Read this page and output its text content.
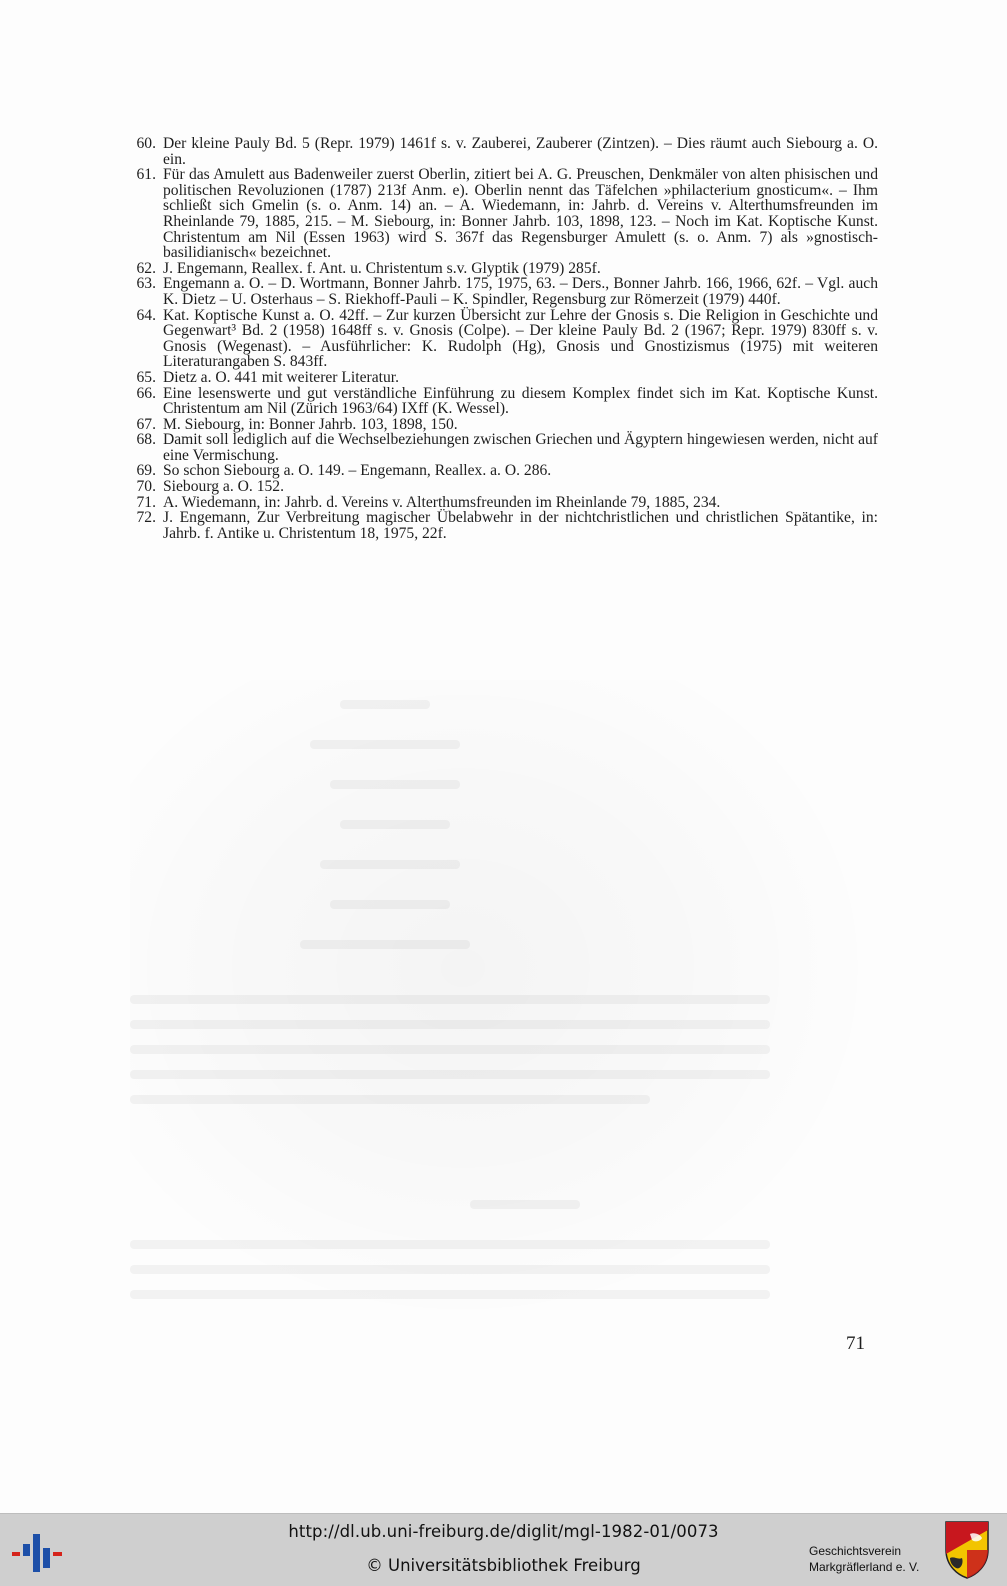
60. Der kleine Pauly Bd. 5 (Repr. 1979) 1461f s. v. Zauberei, Zauberer (Zintzen). – Dies räumt auch Siebourg a. O. ein.
61. Für das Amulett aus Badenweiler zuerst Oberlin, zitiert bei A. G. Preuschen, Denkmäler von alten phisischen und politischen Revoluzionen (1787) 213f Anm. e). Oberlin nennt das Täfelchen »philacterium gnosticum«. – Ihm schließt sich Gmelin (s. o. Anm. 14) an. – A. Wiedemann, in: Jahrb. d. Vereins v. Alterthumsfreunden im Rheinlande 79, 1885, 215. – M. Siebourg, in: Bonner Jahrb. 103, 1898, 123. – Noch im Kat. Koptische Kunst. Christentum am Nil (Essen 1963) wird S. 367f das Regensburger Amulett (s. o. Anm. 7) als »gnostisch-basilidianisch« bezeichnet.
62. J. Engemann, Reallex. f. Ant. u. Christentum s.v. Glyptik (1979) 285f.
63. Engemann a. O. – D. Wortmann, Bonner Jahrb. 175, 1975, 63. – Ders., Bonner Jahrb. 166, 1966, 62f. – Vgl. auch K. Dietz – U. Osterhaus – S. Riekhoff-Pauli – K. Spindler, Regensburg zur Römerzeit (1979) 440f.
64. Kat. Koptische Kunst a. O. 42ff. – Zur kurzen Übersicht zur Lehre der Gnosis s. Die Religion in Geschichte und Gegenwart³ Bd. 2 (1958) 1648ff s. v. Gnosis (Colpe). – Der kleine Pauly Bd. 2 (1967; Repr. 1979) 830ff s. v. Gnosis (Wegenast). – Ausführlicher: K. Rudolph (Hg), Gnosis und Gnostizismus (1975) mit weiteren Literaturangaben S. 843ff.
65. Dietz a. O. 441 mit weiterer Literatur.
66. Eine lesenswerte und gut verständliche Einführung zu diesem Komplex findet sich im Kat. Koptische Kunst. Christentum am Nil (Zürich 1963/64) IXff (K. Wessel).
67. M. Siebourg, in: Bonner Jahrb. 103, 1898, 150.
68. Damit soll lediglich auf die Wechselbeziehungen zwischen Griechen und Ägyptern hingewiesen werden, nicht auf eine Vermischung.
69. So schon Siebourg a. O. 149. – Engemann, Reallex. a. O. 286.
70. Siebourg a. O. 152.
71. A. Wiedemann, in: Jahrb. d. Vereins v. Alterthumsfreunden im Rheinlande 79, 1885, 234.
72. J. Engemann, Zur Verbreitung magischer Übelabwehr in der nichtchristlichen und christlichen Spätantike, in: Jahrb. f. Antike u. Christentum 18, 1975, 22f.
71
http://dl.ub.uni-freiburg.de/diglit/mgl-1982-01/0073
© Universitätsbibliothek Freiburg
Geschichtsverein
Markgräflerland e. V.
